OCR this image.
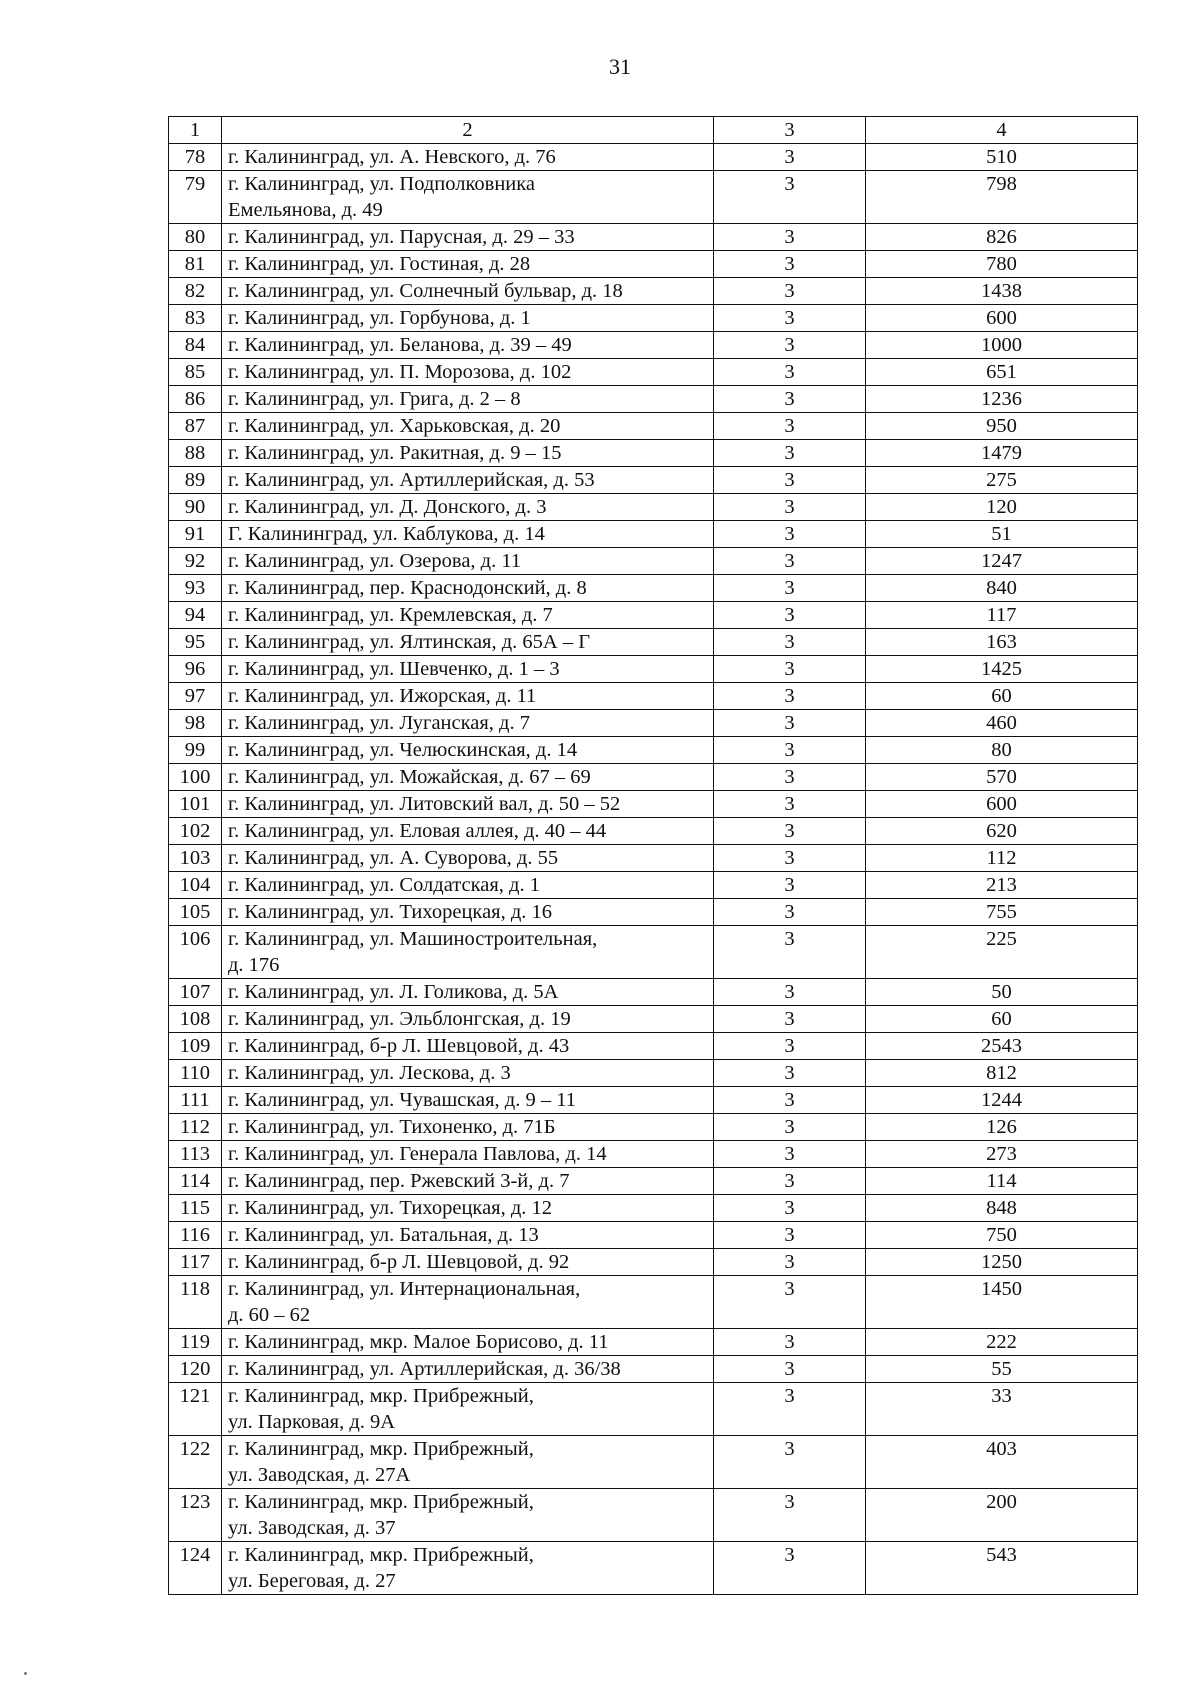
31
1	2	3	4
78	г. Калининград, ул. А. Невского, д. 76	3	510
79	г. Калининград, ул. Подполковника
Емельянова, д. 49	3	798
80	г. Калининград, ул. Парусная, д. 29 – 33	3	826
81	г. Калининград, ул. Гостиная, д. 28	3	780
82	г. Калининград, ул. Солнечный бульвар, д. 18	3	1438
83	г. Калининград, ул. Горбунова, д. 1	3	600
84	г. Калининград, ул. Беланова, д. 39 – 49	3	1000
85	г. Калининград, ул. П. Морозова, д. 102	3	651
86	г. Калининград, ул. Грига, д. 2 – 8	3	1236
87	г. Калининград, ул. Харьковская, д. 20	3	950
88	г. Калининград, ул. Ракитная, д. 9 – 15	3	1479
89	г. Калининград, ул. Артиллерийская, д. 53	3	275
90	г. Калининград, ул. Д. Донского, д. 3	3	120
91	Г. Калининград, ул. Каблукова, д. 14	3	51
92	г. Калининград, ул. Озерова, д. 11	3	1247
93	г. Калининград, пер. Краснодонский, д. 8	3	840
94	г. Калининград, ул. Кремлевская, д. 7	3	117
95	г. Калининград, ул. Ялтинская, д. 65А – Г	3	163
96	г. Калининград, ул. Шевченко, д. 1 – 3	3	1425
97	г. Калининград, ул. Ижорская, д. 11	3	60
98	г. Калининград, ул. Луганская, д. 7	3	460
99	г. Калининград, ул. Челюскинская, д. 14	3	80
100	г. Калининград, ул. Можайская, д. 67 – 69	3	570
101	г. Калининград, ул. Литовский вал, д. 50 – 52	3	600
102	г. Калининград, ул. Еловая аллея, д. 40 – 44	3	620
103	г. Калининград, ул. А. Суворова, д. 55	3	112
104	г. Калининград, ул. Солдатская, д. 1	3	213
105	г. Калининград, ул. Тихорецкая, д. 16	3	755
106	г. Калининград, ул. Машиностроительная,
д. 176	3	225
107	г. Калининград, ул. Л. Голикова, д. 5А	3	50
108	г. Калининград, ул. Эльблонгская, д. 19	3	60
109	г. Калининград, б-р Л. Шевцовой, д. 43	3	2543
110	г. Калининград, ул. Лескова, д. 3	3	812
111	г. Калининград, ул. Чувашская, д. 9 – 11	3	1244
112	г. Калининград, ул. Тихоненко, д. 71Б	3	126
113	г. Калининград, ул. Генерала Павлова, д. 14	3	273
114	г. Калининград, пер. Ржевский 3-й, д. 7	3	114
115	г. Калининград, ул. Тихорецкая, д. 12	3	848
116	г. Калининград, ул. Батальная, д. 13	3	750
117	г. Калининград, б-р Л. Шевцовой, д. 92	3	1250
118	г. Калининград, ул. Интернациональная,
д. 60 – 62	3	1450
119	г. Калининград, мкр. Малое Борисово, д. 11	3	222
120	г. Калининград, ул. Артиллерийская, д. 36/38	3	55
121	г. Калининград, мкр. Прибрежный,
ул. Парковая, д. 9А	3	33
122	г. Калининград, мкр. Прибрежный,
ул. Заводская, д. 27А	3	403
123	г. Калининград, мкр. Прибрежный,
ул. Заводская, д. 37	3	200
124	г. Калининград, мкр. Прибрежный,
ул. Береговая, д. 27	3	543
